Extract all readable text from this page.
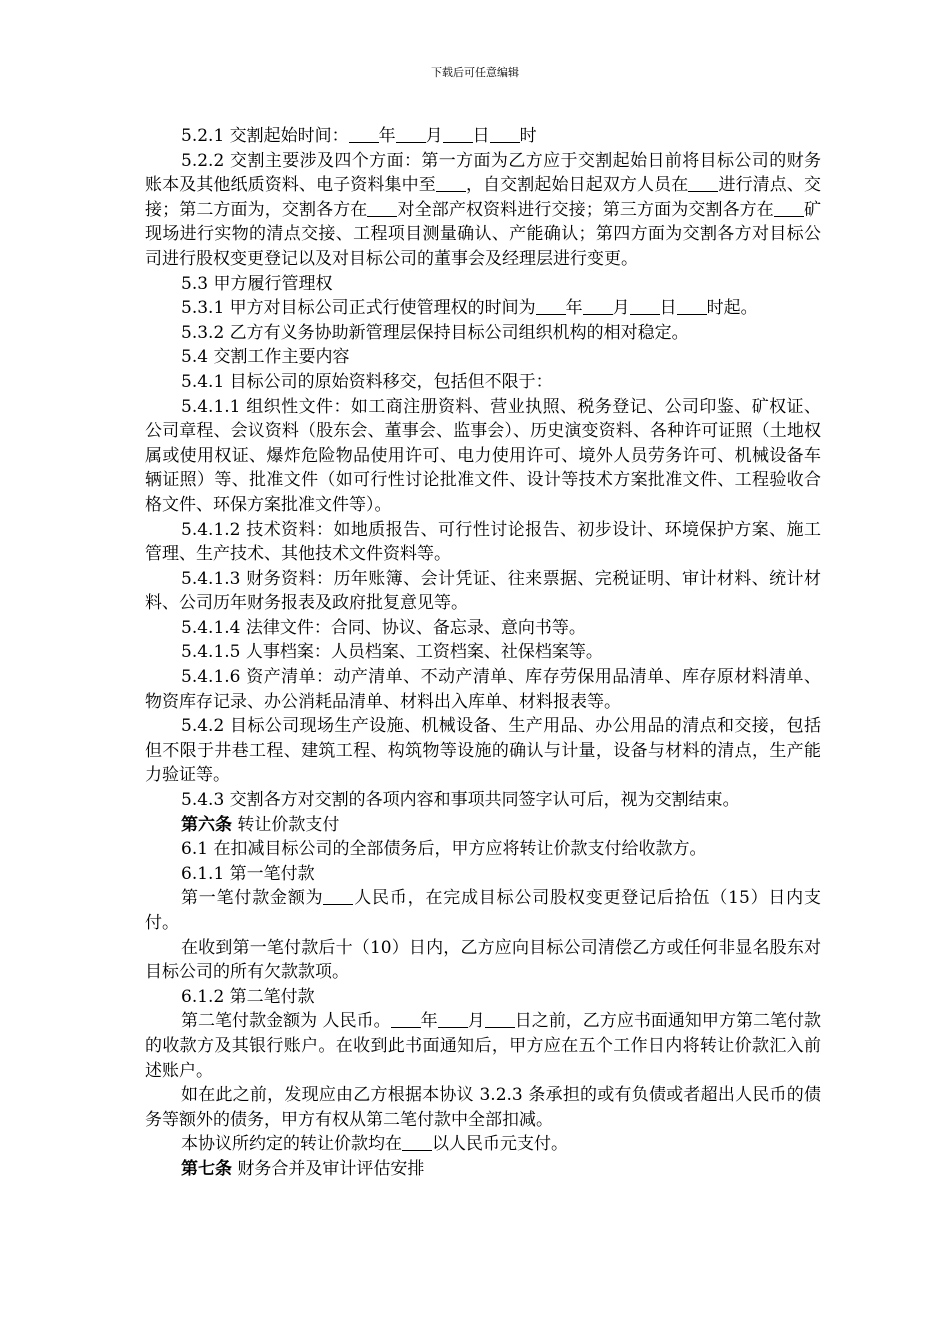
下载后可任意编辑

5.2.1 交割起始时间： 年 月 日 时

5.2.2 交割主要涉及四个方面：第一方面为乙方应于交割起始日前将目标公司的财务账本及其他纸质资料、电子资料集中至 ，自交割起始日起双方人员在 进行清点、交接；第二方面为，交割各方在 对全部产权资料进行交接；第三方面为交割各方在 矿现场进行实物的清点交接、工程项目测量确认、产能确认；第四方面为交割各方对目标公司进行股权变更登记以及对目标公司的董事会及经理层进行变更。

5.3 甲方履行管理权

5.3.1 甲方对目标公司正式行使管理权的时间为 年 月 日 时起。

5.3.2 乙方有义务协助新管理层保持目标公司组织机构的相对稳定。

5.4 交割工作主要内容

5.4.1 目标公司的原始资料移交，包括但不限于：

5.4.1.1 组织性文件：如工商注册资料、营业执照、税务登记、公司印鉴、矿权证、公司章程、会议资料（股东会、董事会、监事会）、历史演变资料、各种许可证照（土地权属或使用权证、爆炸危险物品使用许可、电力使用许可、境外人员劳务许可、机械设备车辆证照）等、批准文件（如可行性讨论批准文件、设计等技术方案批准文件、工程验收合格文件、环保方案批准文件等）。

5.4.1.2 技术资料：如地质报告、可行性讨论报告、初步设计、环境保护方案、施工管理、生产技术、其他技术文件资料等。

5.4.1.3 财务资料：历年账簿、会计凭证、往来票据、完税证明、审计材料、统计材料、公司历年财务报表及政府批复意见等。

5.4.1.4 法律文件：合同、协议、备忘录、意向书等。

5.4.1.5 人事档案：人员档案、工资档案、社保档案等。

5.4.1.6 资产清单：动产清单、不动产清单、库存劳保用品清单、库存原材料清单、物资库存记录、办公消耗品清单、材料出入库单、材料报表等。

5.4.2 目标公司现场生产设施、机械设备、生产用品、办公用品的清点和交接，包括但不限于井巷工程、建筑工程、构筑物等设施的确认与计量，设备与材料的清点，生产能力验证等。

5.4.3 交割各方对交割的各项内容和事项共同签字认可后，视为交割结束。

第六条 转让价款支付

6.1 在扣减目标公司的全部债务后，甲方应将转让价款支付给收款方。

6.1.1 第一笔付款

第一笔付款金额为 人民币，在完成目标公司股权变更登记后拾伍（15）日内支付。

在收到第一笔付款后十（10）日内，乙方应向目标公司清偿乙方或任何非显名股东对目标公司的所有欠款款项。

6.1.2 第二笔付款

第二笔付款金额为 人民币。 年 月 日之前，乙方应书面通知甲方第二笔付款的收款方及其银行账户。在收到此书面通知后，甲方应在五个工作日内将转让价款汇入前述账户。

如在此之前，发现应由乙方根据本协议 3.2.3 条承担的或有负债或者超出人民币的债务等额外的债务，甲方有权从第二笔付款中全部扣减。

本协议所约定的转让价款均在 以人民币元支付。

第七条 财务合并及审计评估安排
